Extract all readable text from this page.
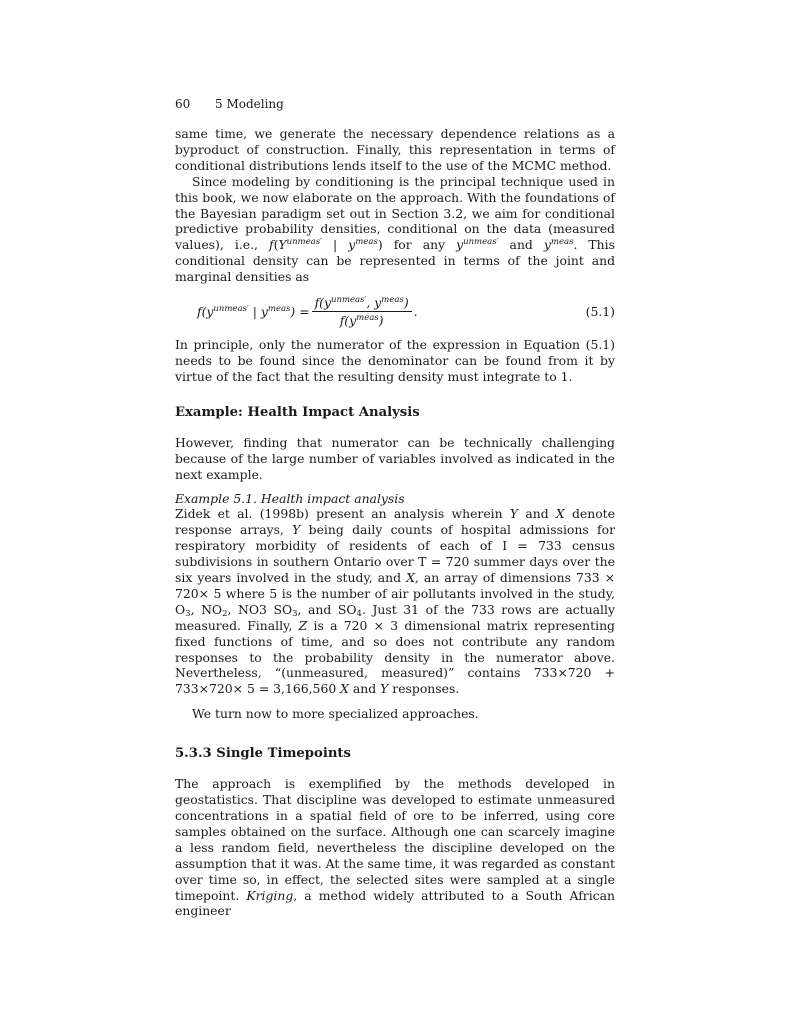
60 5 Modeling

same time, we generate the necessary dependence relations as a byproduct of construction. Finally, this representation in terms of conditional distributions lends itself to the use of the MCMC method.

Since modeling by conditioning is the principal technique used in this book, we now elaborate on the approach. With the foundations of the Bayesian paradigm set out in Section 3.2, we aim for conditional predictive probability densities, conditional on the data (measured values), i.e., $f(Y^{unmeas'}$ | $y^{meas}$) for any $y^{unmeas'}$ and $y^{meas}$. This conditional density can be represented in terms of the joint and marginal densities as

$f(y^{unmeas'}$ | $y^{meas}) = \frac{f(y^{unmeas'}, y^{meas})}{f(y^{meas})}$ .	(5.1)

In principle, only the numerator of the expression in Equation (5.1) needs to be found since the denominator can be found from it by virtue of the fact that the resulting density must integrate to 1.

Example: Health Impact Analysis

However, finding that numerator can be technically challenging because of the large number of variables involved as indicated in the next example.

Example 5.1. Health impact analysis

Zidek et al. (1998b) present an analysis wherein Y and X denote response arrays, Y being daily counts of hospital admissions for respiratory morbidity of residents of each of I = 733 census subdivisions in southern Ontario over T = 720 summer days over the six years involved in the study, and X, an array of dimensions 733 × 720× 5 where 5 is the number of air pollutants involved in the study, $O_3$, $NO_2$, NO3 $SO_3$, and $SO_4$. Just 31 of the 733 rows are actually measured. Finally, Z is a 720 × 3 dimensional matrix representing fixed functions of time, and so does not contribute any random responses to the probability density in the numerator above. Nevertheless, “(unmeasured, measured)” contains 733×720 + 733×720× 5 = 3,166,560 X and Y responses.

We turn now to more specialized approaches.

5.3.3 Single Timepoints

The approach is exemplified by the methods developed in geostatistics. That discipline was developed to estimate unmeasured concentrations in a spatial field of ore to be inferred, using core samples obtained on the surface. Although one can scarcely imagine a less random field, nevertheless the discipline developed on the assumption that it was. At the same time, it was regarded as constant over time so, in effect, the selected sites were sampled at a single timepoint. Kriging, a method widely attributed to a South African engineer
